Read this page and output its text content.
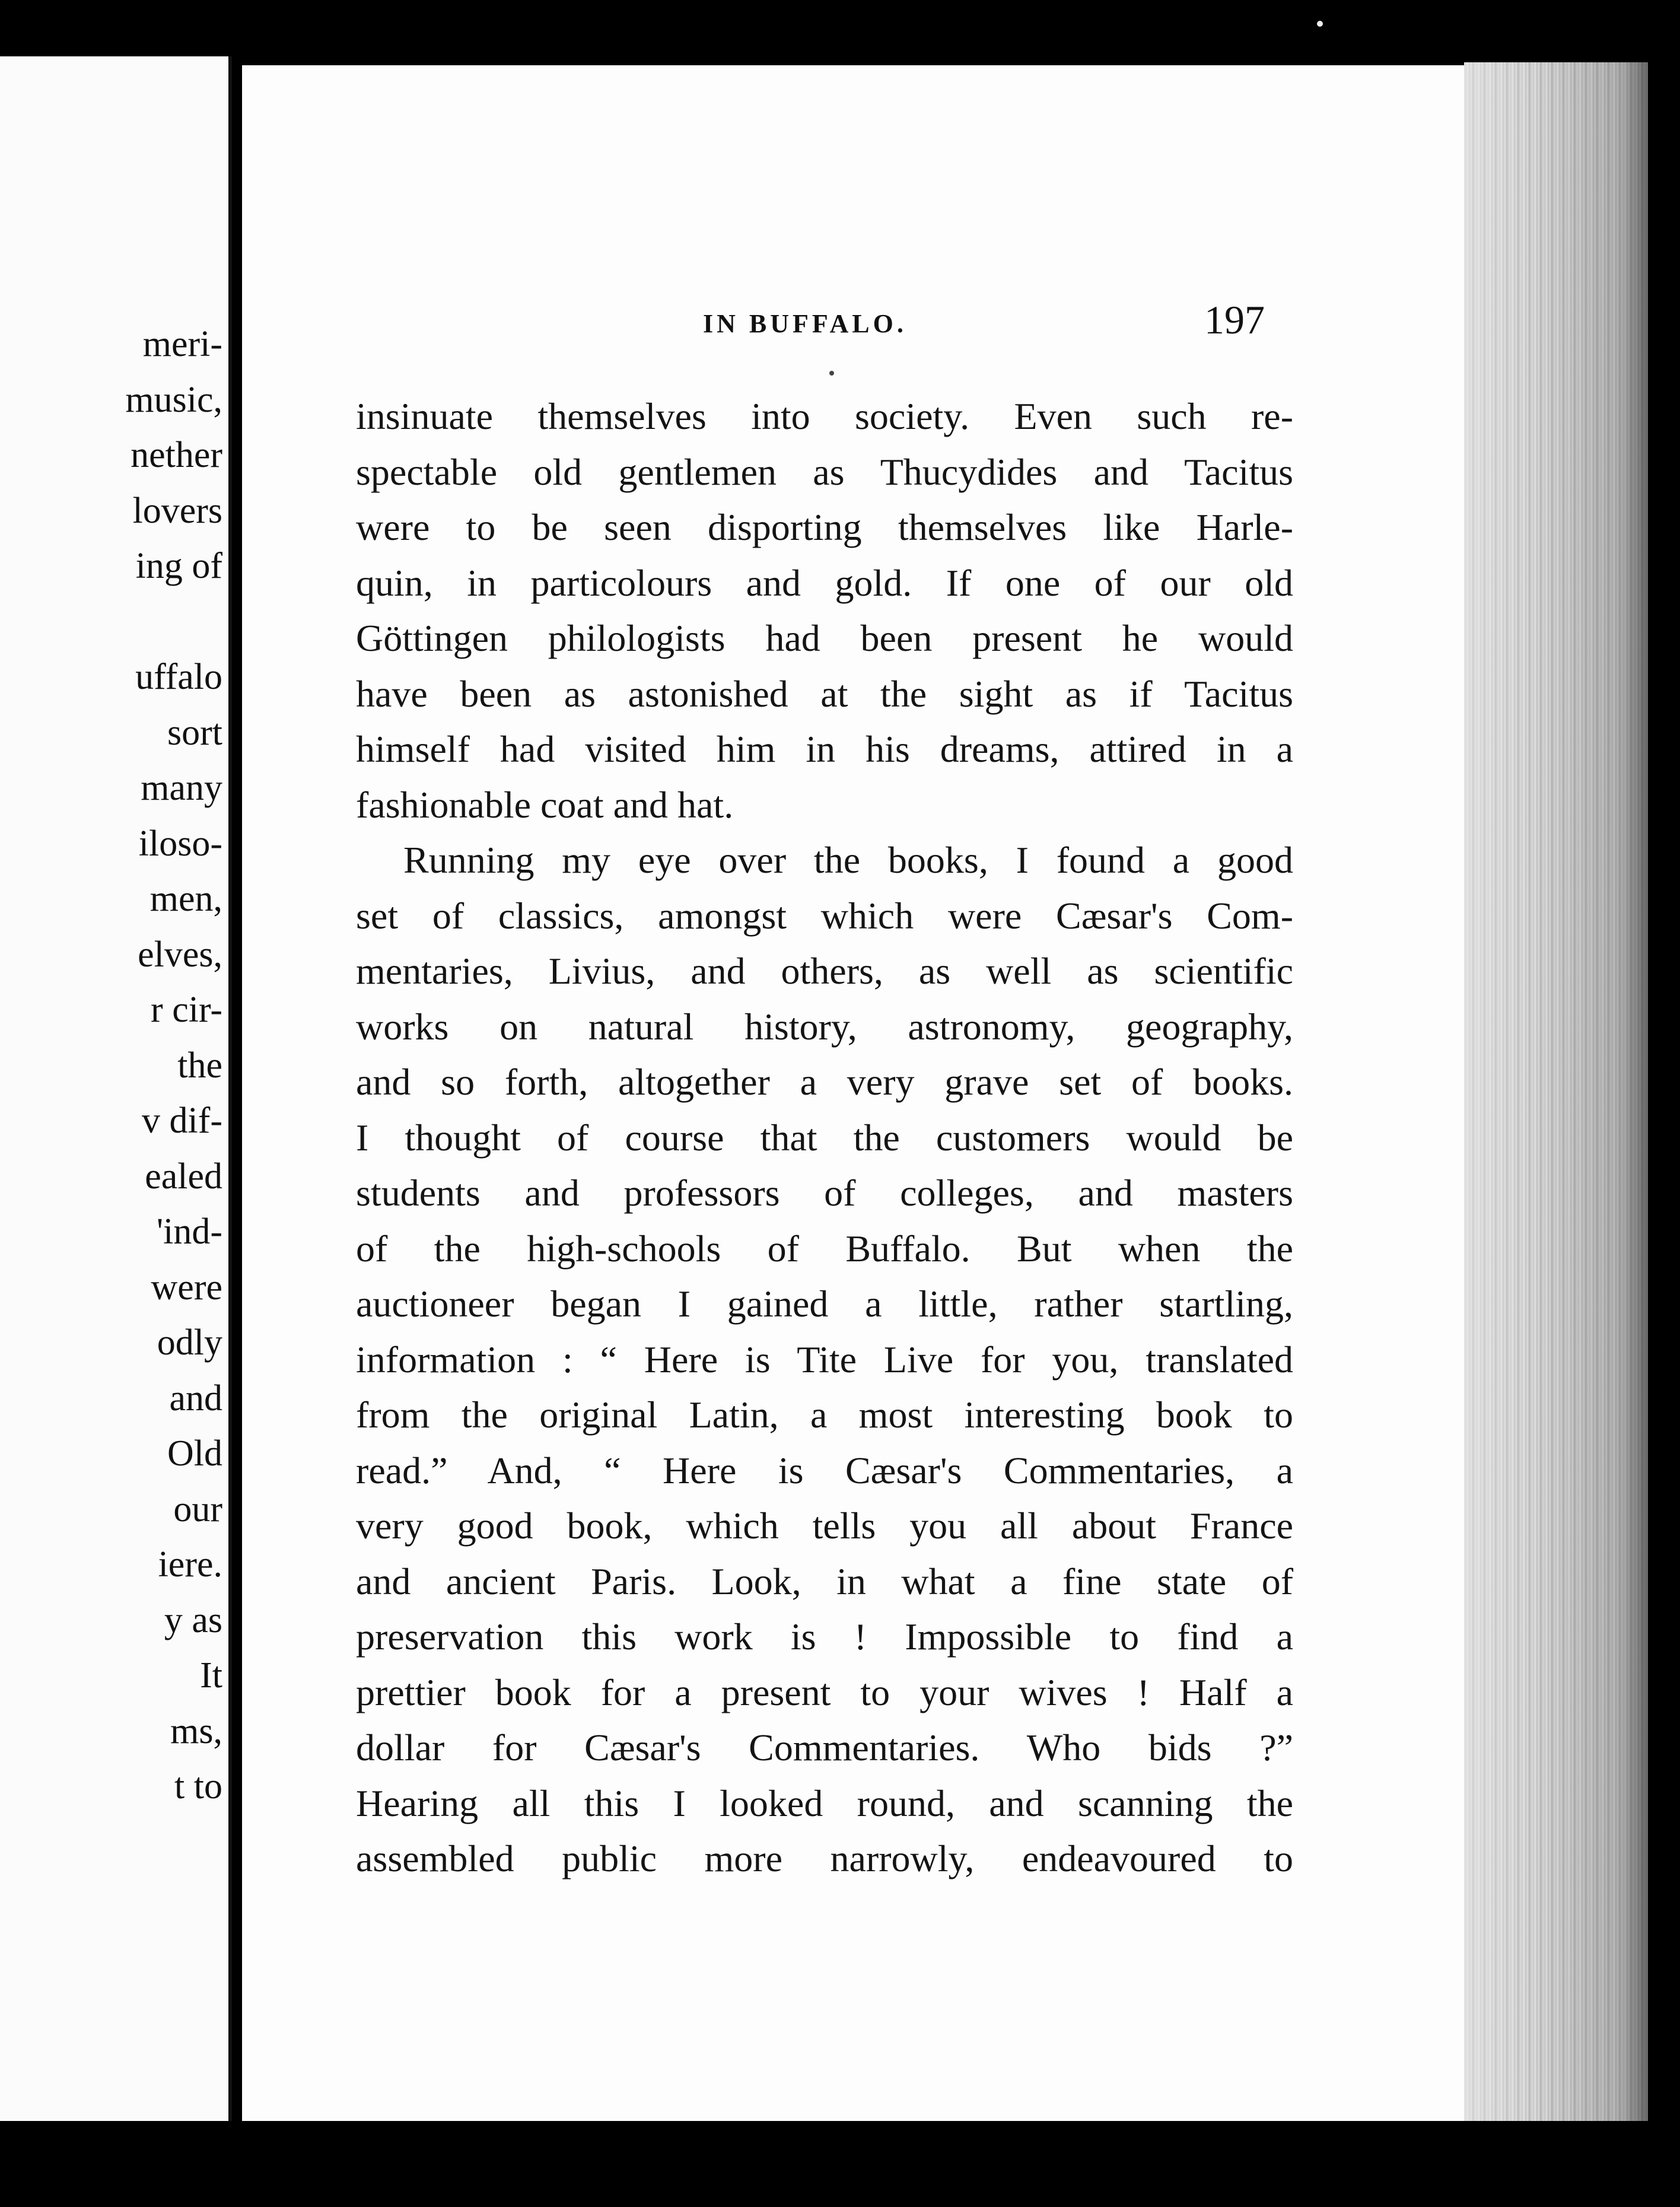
meri-
music,
nether
lovers
ing of
uffalo
sort
many
iloso-
men,
elves,
r cir-
the
v dif-
ealed
'ind-
were
odly
and
Old
our
iere.
y as
It
ms,
t to
IN BUFFALO.	197
insinuate themselves into society. Even such re-
spectable old gentlemen as Thucydides and Tacitus
were to be seen disporting themselves like Harle-
quin, in particolours and gold. If one of our old
Göttingen philologists had been present he would
have been as astonished at the sight as if Tacitus
himself had visited him in his dreams, attired in a
fashionable coat and hat.
Running my eye over the books, I found a good
set of classics, amongst which were Cæsar's Com-
mentaries, Livius, and others, as well as scientific
works on natural history, astronomy, geography,
and so forth, altogether a very grave set of books.
I thought of course that the customers would be
students and professors of colleges, and masters
of the high-schools of Buffalo. But when the
auctioneer began I gained a little, rather startling,
information : “ Here is Tite Live for you, translated
from the original Latin, a most interesting book to
read.” And, “ Here is Cæsar's Commentaries, a
very good book, which tells you all about France
and ancient Paris. Look, in what a fine state of
preservation this work is ! Impossible to find a
prettier book for a present to your wives ! Half a
dollar for Cæsar's Commentaries. Who bids ?”
Hearing all this I looked round, and scanning the
assembled public more narrowly, endeavoured to
